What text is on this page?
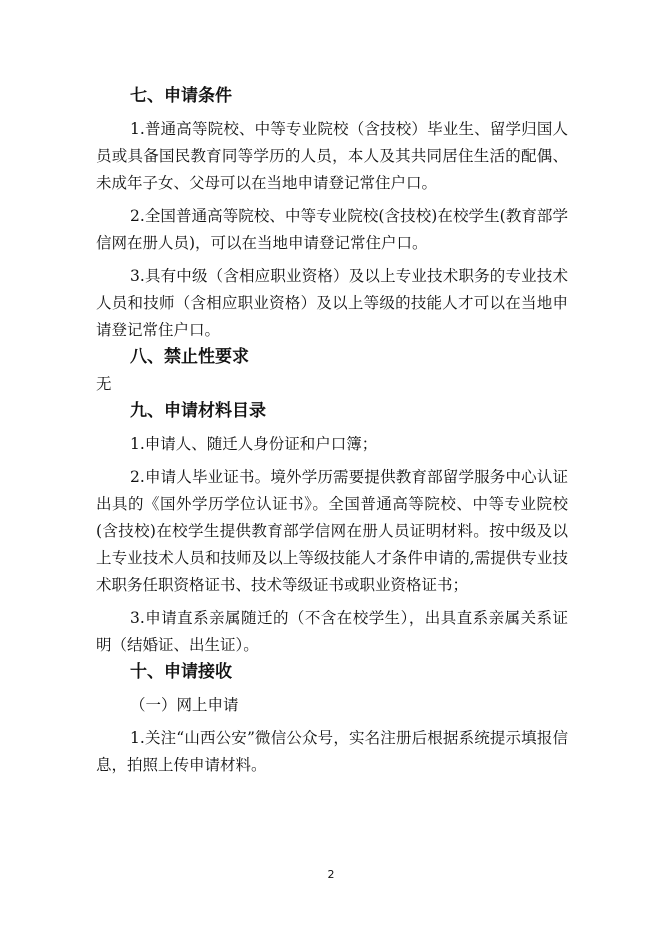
七、申请条件

1.普通高等院校、中等专业院校（含技校）毕业生、留学归国人员或具备国民教育同等学历的人员，本人及其共同居住生活的配偶、未成年子女、父母可以在当地申请登记常住户口。

2.全国普通高等院校、中等专业院校(含技校)在校学生(教育部学信网在册人员)，可以在当地申请登记常住户口。

3.具有中级（含相应职业资格）及以上专业技术职务的专业技术人员和技师（含相应职业资格）及以上等级的技能人才可以在当地申请登记常住户口。

八、禁止性要求

无

九、申请材料目录

1.申请人、随迁人身份证和户口簿；

2.申请人毕业证书。境外学历需要提供教育部留学服务中心认证出具的《国外学历学位认证书》。全国普通高等院校、中等专业院校(含技校)在校学生提供教育部学信网在册人员证明材料。按中级及以上专业技术人员和技师及以上等级技能人才条件申请的,需提供专业技术职务任职资格证书、技术等级证书或职业资格证书；

3.申请直系亲属随迁的（不含在校学生），出具直系亲属关系证明（结婚证、出生证）。

十、申请接收

（一）网上申请

1.关注“山西公安”微信公众号，实名注册后根据系统提示填报信息，拍照上传申请材料。

2
